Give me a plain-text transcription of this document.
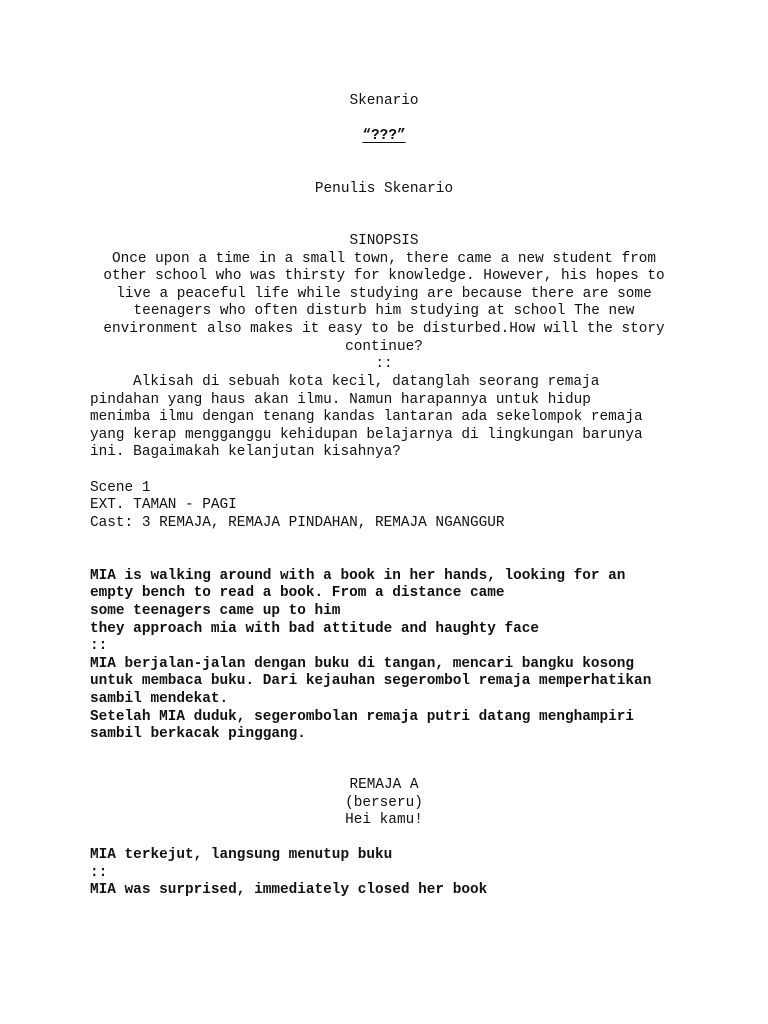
Skenario

“???”

Penulis Skenario

SINOPSIS

Once upon a time in a small town, there came a new student from

other school who was thirsty for knowledge. However, his hopes to

live a peaceful life while studying are because there are some

teenagers who often disturb him studying at school The new

environment also makes it easy to be disturbed.How will the story

continue?

::

Alkisah di sebuah kota kecil, datanglah seorang remaja

pindahan yang haus akan ilmu. Namun harapannya untuk hidup

menimba ilmu dengan tenang kandas lantaran ada sekelompok remaja

yang kerap mengganggu kehidupan belajarnya di lingkungan barunya

ini. Bagaimakah kelanjutan kisahnya?

Scene 1

EXT. TAMAN - PAGI

Cast: 3 REMAJA, REMAJA PINDAHAN, REMAJA NGANGGUR

MIA is walking around with a book in her hands, looking for an

empty bench to read a book. From a distance came

some teenagers came up to him

they approach mia with bad attitude and haughty face

::

MIA berjalan-jalan dengan buku di tangan, mencari bangku kosong

untuk membaca buku. Dari kejauhan segerombol remaja memperhatikan

sambil mendekat.

Setelah MIA duduk, segerombolan remaja putri datang menghampiri

sambil berkacak pinggang.

REMAJA A

(berseru)

Hei kamu!

MIA terkejut, langsung menutup buku

::

MIA was surprised, immediately closed her book
